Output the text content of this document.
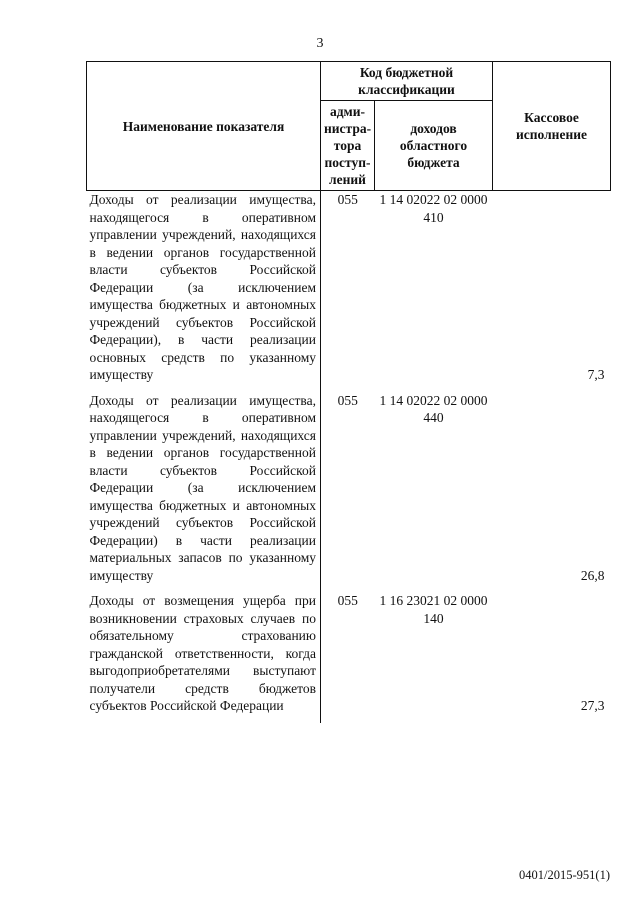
3
Наименование показателя	Код бюджетной классификации		Кассовое исполнение
	адми-нистра-тора поступ-лений	доходов областного бюджета	
Доходы от реализации имущества, находящегося в оперативном управлении учреждений, находящихся в ведении органов государственной власти субъектов Российской Федерации (за исключением имущества бюджетных и автономных учреждений субъектов Российской Федерации), в части реализации основных средств по указанному имуществу	055	1 14 02022 02 0000 410	7,3
Доходы от реализации имущества, находящегося в оперативном управлении учреждений, находящихся в ведении органов государственной власти субъектов Российской Федерации (за исключением имущества бюджетных и автономных учреждений субъектов Российской Федерации) в части реализации материальных запасов по указанному имуществу	055	1 14 02022 02 0000 440	26,8
Доходы от возмещения ущерба при возникновении страховых случаев по обязательному страхованию гражданской ответственности, когда выгодоприобретателями выступают получатели средств бюджетов субъектов Российской Федерации	055	1 16 23021 02 0000 140	27,3
0401/2015-951(1)
